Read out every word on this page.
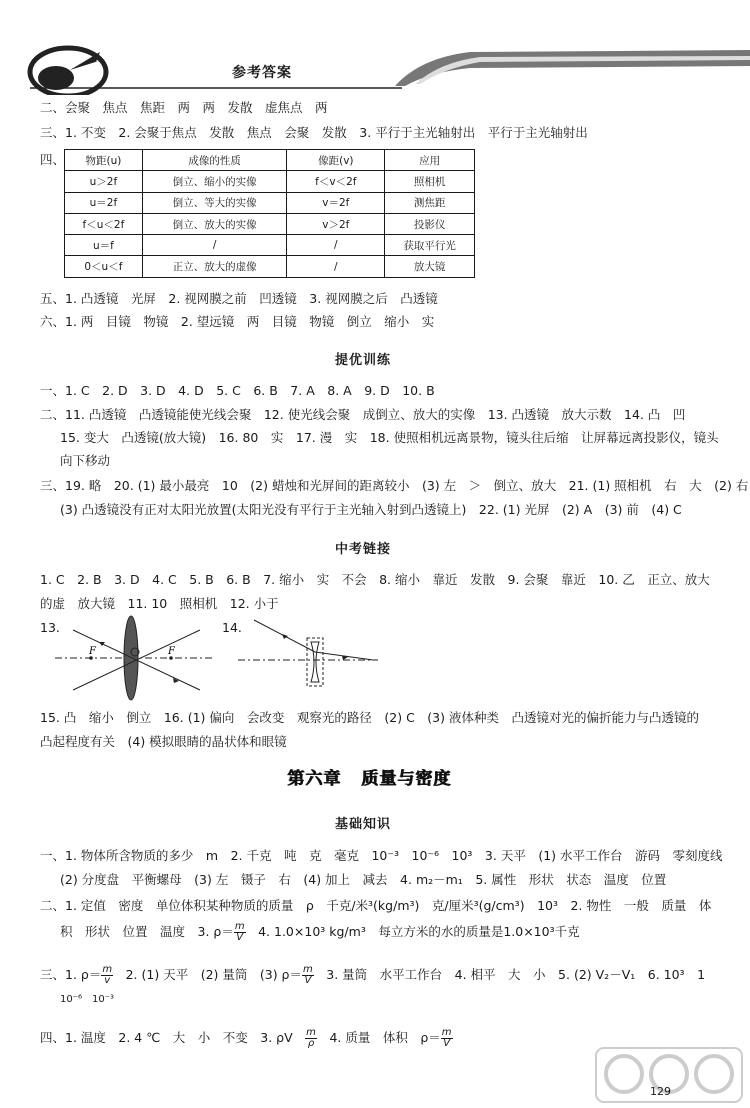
参考答案
二、会聚　焦点　焦距　两　两　发散　虚焦点　两
三、1. 不变　2. 会聚于焦点　发散　焦点　会聚　发散　3. 平行于主光轴射出　平行于主光轴射出
四、 物距(u)	成像的性质	像距(v)	应用
u＞2f	倒立、缩小的实像	f＜v＜2f	照相机
u＝2f	倒立、等大的实像	v＝2f	测焦距
f＜u＜2f	倒立、放大的实像	v＞2f	投影仪
u＝f	/	/	获取平行光
0＜u＜f	正立、放大的虚像	/	放大镜
五、1. 凸透镜　光屏　2. 视网膜之前　凹透镜　3. 视网膜之后　凸透镜
六、1. 两　目镜　物镜　2. 望远镜　两　目镜　物镜　倒立　缩小　实
提优训练
一、1. C　2. D　3. D　4. D　5. C　6. B　7. A　8. A　9. D　10. B
二、11. 凸透镜　凸透镜能使光线会聚　12. 使光线会聚　成倒立、放大的实像　13. 凸透镜　放大示数　14. 凸　凹
15. 变大　凸透镜(放大镜)　16. 80　实　17. 漫　实　18. 使照相机远离景物，镜头往后缩　让屏幕远离投影仪，镜头
向下移动
三、19. 略　20. (1) 最小最亮　10　(2) 蜡烛和光屏间的距离较小　(3) 左　＞　倒立、放大　21. (1) 照相机　右　大　(2) 右
(3) 凸透镜没有正对太阳光放置(太阳光没有平行于主光轴入射到凸透镜上)　22. (1) 光屏　(2) A　(3) 前　(4) C
中考链接
1. C　2. B　3. D　4. C　5. B　6. B　7. 缩小　实　不会　8. 缩小　靠近　发散　9. 会聚　靠近　10. 乙　正立、放大
的虚　放大镜　11. 10　照相机　12. 小于
13.
F	F
14.
15. 凸　缩小　倒立　16. (1) 偏向　会改变　观察光的路径　(2) C　(3) 液体种类　凸透镜对光的偏折能力与凸透镜的
凸起程度有关　(4) 模拟眼睛的晶状体和眼镜
第六章 质量与密度
基础知识
一、1. 物体所含物质的多少　m　2. 千克　吨　克　毫克　10⁻³　10⁻⁶　10³　3. 天平　(1) 水平工作台　游码　零刻度线
(2) 分度盘　平衡螺母　(3) 左　镊子　右　(4) 加上　减去　4. m₂－m₁　5. 属性　形状　状态　温度　位置
二、1. 定值　密度　单位体积某种物质的质量　ρ　千克/米³(kg/m³)　克/厘米³(g/cm³)　10³　2. 物性　一般　质量　体
积　形状　位置　温度　3. $\rho= \frac{m}{V}$
　 4. 1.0×10³ kg/m³　每立方米的水的质量是1.0×10³千克
三、1. $\rho= \frac{m}{v}$
　 2. (1) 天平　(2) 量筒　(3) $\rho= \frac{m}{V}$
　 3. 量筒　水平工作台　4. 相平　大　小　5. (2) V₂－V₁　6. 10³　1
10⁻⁶　10⁻³
四、1. 温度　2. 4 ℃　大　小　不变　3. ρV　 $\frac{m}{\rho}$
　 4. 质量　体积　$\rho= \frac{m}{V}$
129
